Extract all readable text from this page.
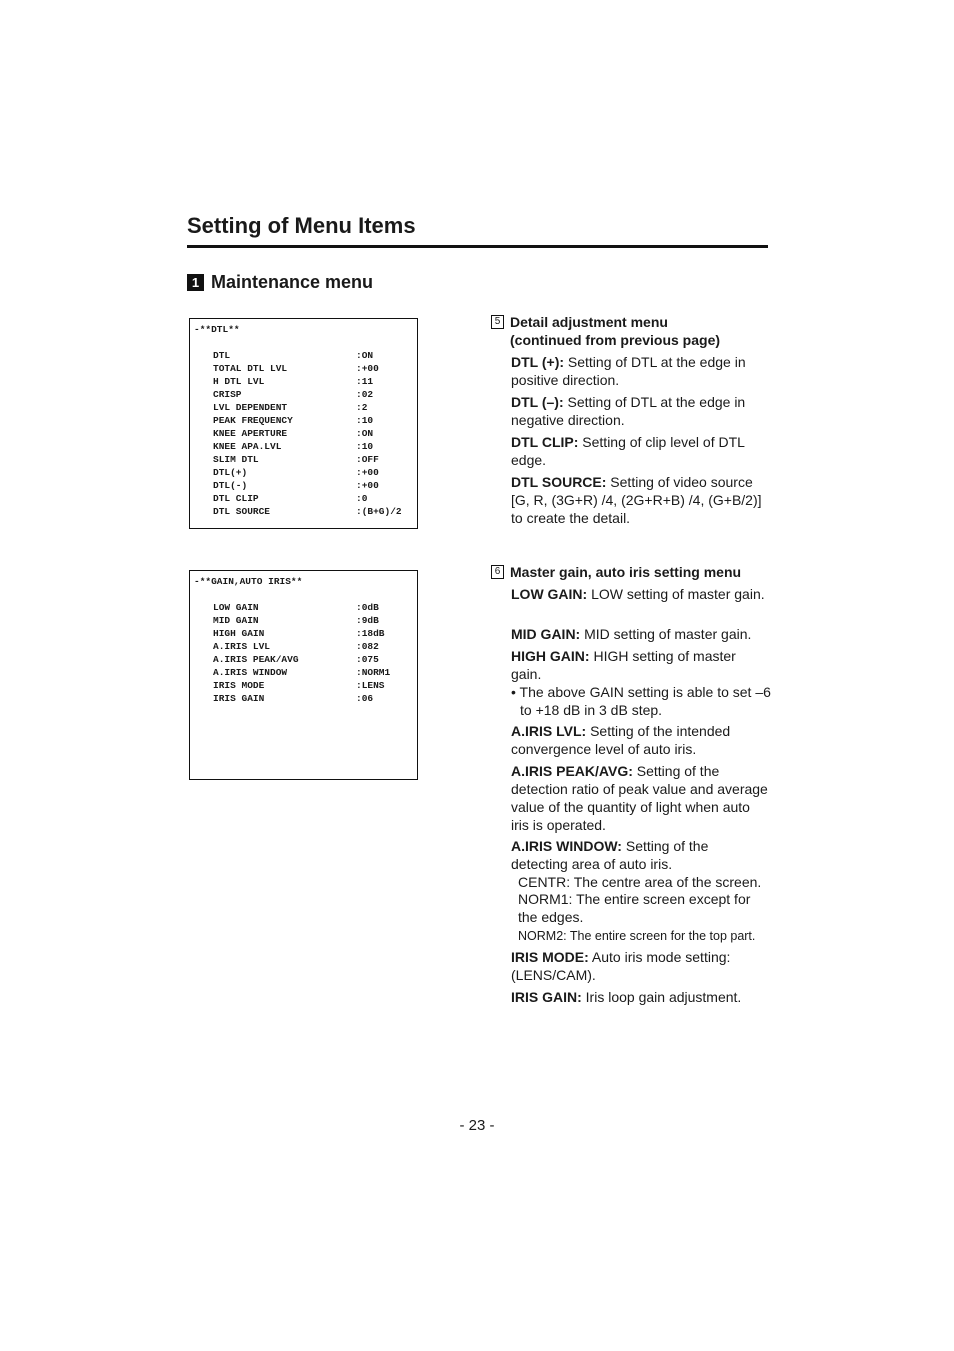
Setting of Menu Items
1 Maintenance menu
-**DTL**
DTL	:ON
TOTAL DTL LVL	:+00
H DTL LVL	:11
CRISP	:02
LVL DEPENDENT	:2
PEAK FREQUENCY	:10
KNEE APERTURE	:ON
KNEE APA.LVL	:10
SLIM DTL	:OFF
DTL(+)	:+00
DTL(-)	:+00
DTL CLIP	:0
DTL SOURCE	:(B+G)/2
-**GAIN,AUTO IRIS**
LOW GAIN	:0dB
MID GAIN	:9dB
HIGH GAIN	:18dB
A.IRIS LVL	:082
A.IRIS PEAK/AVG	:075
A.IRIS WINDOW	:NORM1
IRIS MODE	:LENS
IRIS GAIN	:06
5 Detail adjustment menu
(continued from previous page)
DTL (+): Setting of DTL at the edge in positive direction.
DTL (–): Setting of DTL at the edge in negative direction.
DTL CLIP: Setting of clip level of DTL edge.
DTL SOURCE: Setting of video source [G, R, (3G+R) /4, (2G+R+B) /4, (G+B/2)] to create the detail.
6 Master gain, auto iris setting menu
LOW GAIN: LOW setting of master gain.
MID GAIN: MID setting of master gain.
HIGH GAIN: HIGH setting of master gain.
• The above GAIN setting is able to set –6 to +18 dB in 3 dB step.
A.IRIS LVL: Setting of the intended convergence level of auto iris.
A.IRIS PEAK/AVG: Setting of the detection ratio of peak value and average value of the quantity of light when auto iris is operated.
A.IRIS WINDOW: Setting of the detecting area of auto iris.
CENTR: The centre area of the screen.
NORM1: The entire screen except for the edges.
NORM2: The entire screen for the top part.
IRIS MODE: Auto iris mode setting: (LENS/CAM).
IRIS GAIN: Iris loop gain adjustment.
- 23 -
